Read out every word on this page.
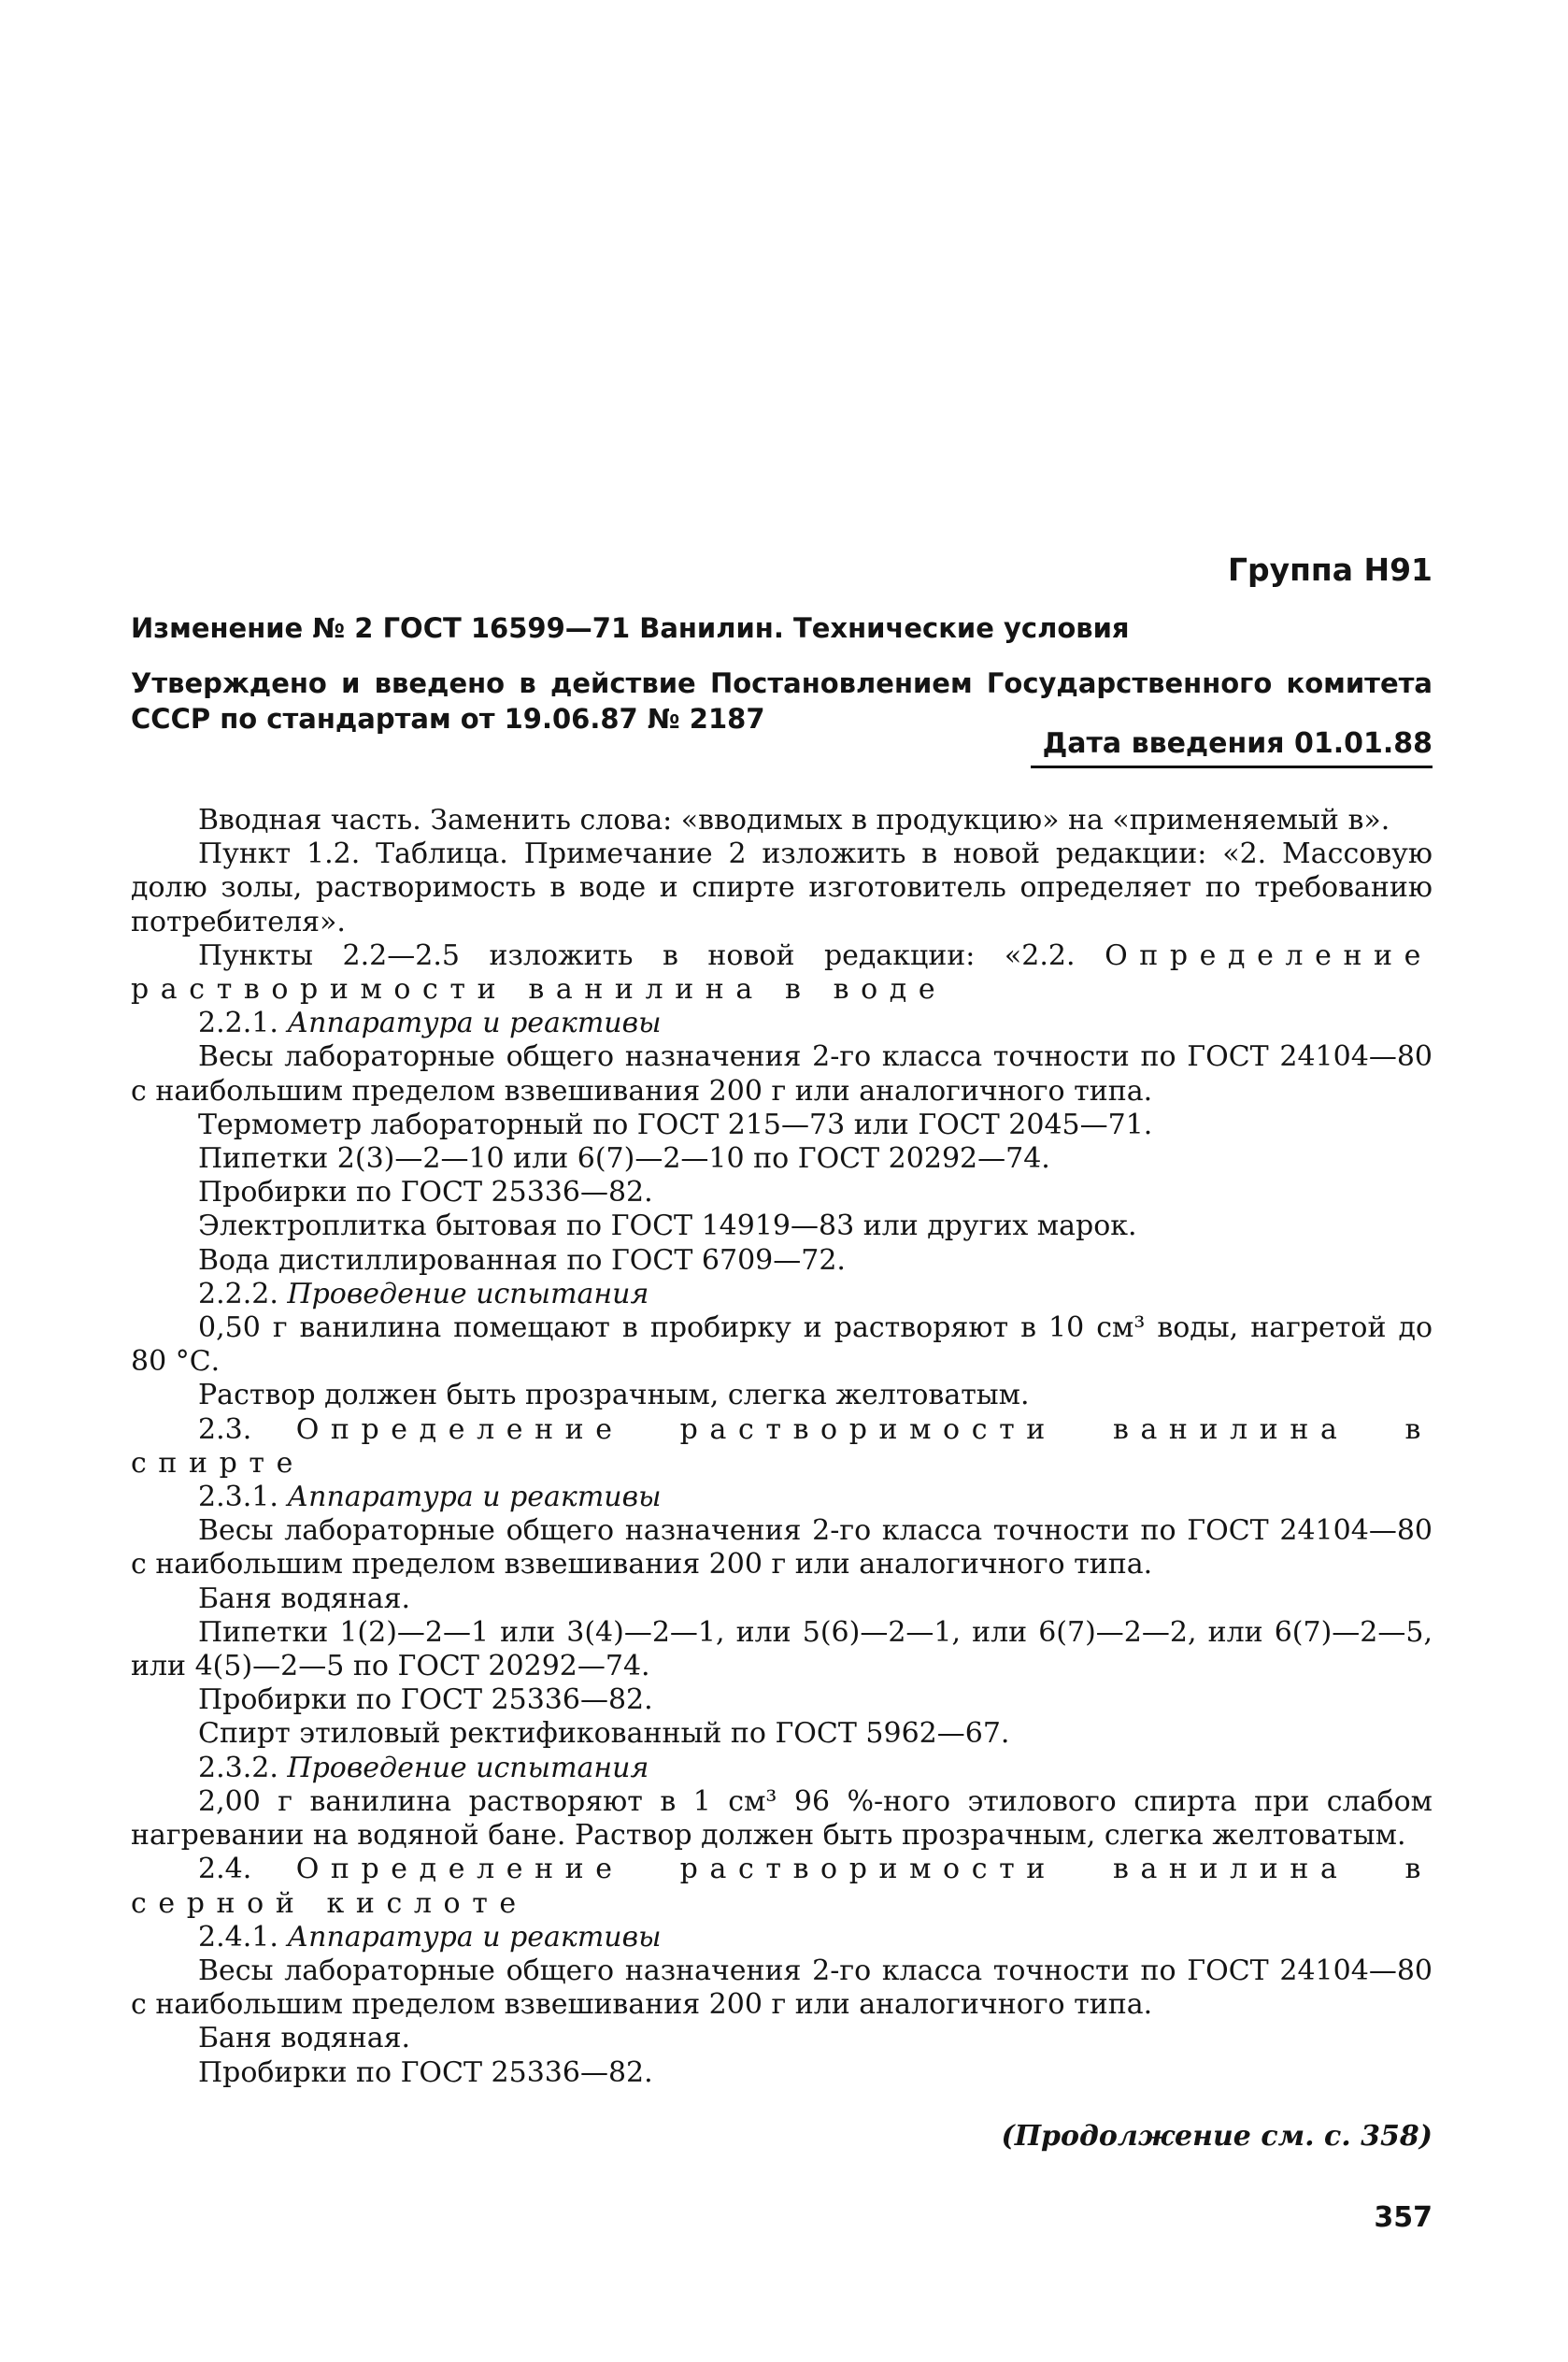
Группа Н91
Изменение № 2 ГОСТ 16599—71 Ванилин. Технические условия
Утверждено и введено в действие Постановлением Государственного комитета СССР по стандартам от 19.06.87 № 2187
Дата введения 01.01.88

Вводная часть. Заменить слова: «вводимых в продукцию» на «применяемый в».

Пункт 1.2. Таблица. Примечание 2 изложить в новой редакции: «2. Массовую долю золы, растворимость в воде и спирте изготовитель определяет по требованию потребителя».

Пункты 2.2—2.5 изложить в новой редакции: «2.2. Определение растворимости ванилина в воде

2.2.1. Аппаратура и реактивы

Весы лабораторные общего назначения 2-го класса точности по ГОСТ 24104—80 с наибольшим пределом взвешивания 200 г или аналогичного типа.

Термометр лабораторный по ГОСТ 215—73 или ГОСТ 2045—71.

Пипетки 2(3)—2—10 или 6(7)—2—10 по ГОСТ 20292—74.

Пробирки по ГОСТ 25336—82.

Электроплитка бытовая по ГОСТ 14919—83 или других марок.

Вода дистиллированная по ГОСТ 6709—72.

2.2.2. Проведение испытания

0,50 г ванилина помещают в пробирку и растворяют в 10 см³ воды, нагретой до 80 °С.

Раствор должен быть прозрачным, слегка желтоватым.

2.3. Определение растворимости ванилина в спирте

2.3.1. Аппаратура и реактивы

Весы лабораторные общего назначения 2-го класса точности по ГОСТ 24104—80 с наибольшим пределом взвешивания 200 г или аналогичного типа.

Баня водяная.

Пипетки 1(2)—2—1 или 3(4)—2—1, или 5(6)—2—1, или 6(7)—2—2, или 6(7)—2—5, или 4(5)—2—5 по ГОСТ 20292—74.

Пробирки по ГОСТ 25336—82.

Спирт этиловый ректификованный по ГОСТ 5962—67.

2.3.2. Проведение испытания

2,00 г ванилина растворяют в 1 см³ 96 %-ного этилового спирта при слабом нагревании на водяной бане. Раствор должен быть прозрачным, слегка желтоватым.

2.4. Определение растворимости ванилина в серной кислоте

2.4.1. Аппаратура и реактивы

Весы лабораторные общего назначения 2-го класса точности по ГОСТ 24104—80 с наибольшим пределом взвешивания 200 г или аналогичного типа.

Баня водяная.

Пробирки по ГОСТ 25336—82.

(Продолжение см. с. 358)
357
